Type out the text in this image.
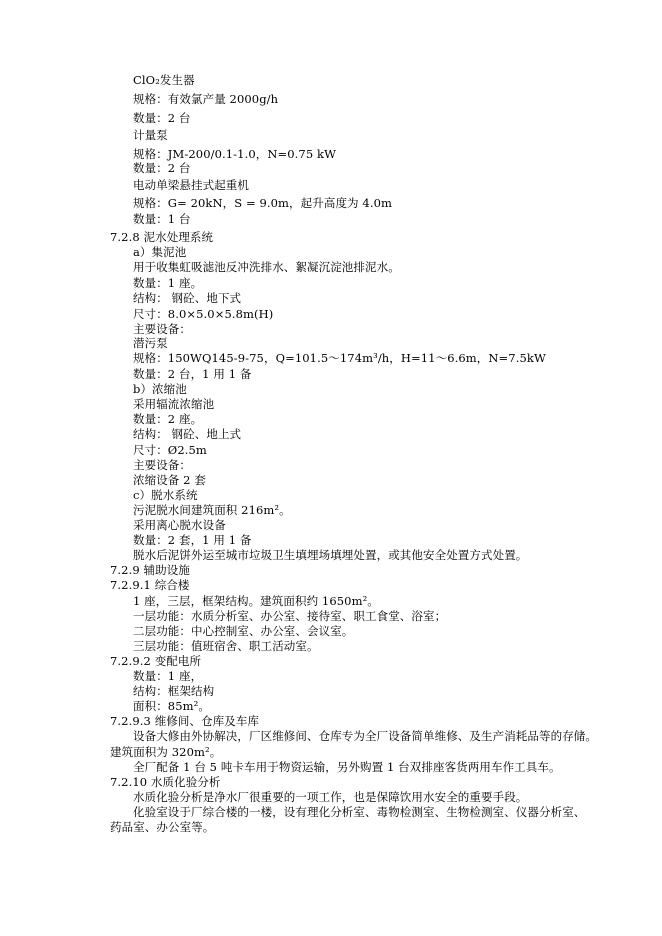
ClO₂发生器
规格：有效氯产量 2000g/h
数量：2 台
计量泵
规格：JM-200/0.1-1.0，N=0.75 kW
数量：2 台
电动单梁悬挂式起重机
规格：G= 20kN，S = 9.0m，起升高度为 4.0m
数量：1 台
7.2.8 泥水处理系统
a）集泥池
用于收集虹吸滤池反冲洗排水、絮凝沉淀池排泥水。
数量：1 座。
结构： 钢砼、地下式
尺寸：8.0×5.0×5.8m(H)
主要设备：
潜污泵
规格：150WQ145-9-75，Q=101.5～174m³/h，H=11～6.6m，N=7.5kW
数量：2 台，1 用 1 备
b）浓缩池
采用辐流浓缩池
数量：2 座。
结构： 钢砼、地上式
尺寸：Ø2.5m
主要设备：
浓缩设备 2 套
c）脱水系统
污泥脱水间建筑面积 216m²。
采用离心脱水设备
数量：2 套，1 用 1 备
脱水后泥饼外运至城市垃圾卫生填埋场填埋处置，或其他安全处置方式处置。
7.2.9 辅助设施
7.2.9.1 综合楼
1 座，三层，框架结构。建筑面积约 1650m²。
一层功能：水质分析室、办公室、接待室、职工食堂、浴室；
二层功能：中心控制室、办公室、会议室。
三层功能：值班宿舍、职工活动室。
7.2.9.2 变配电所
数量：1 座，
结构：框架结构
面积：85m²。
7.2.9.3 维修间、仓库及车库
设备大修由外协解决，厂区维修间、仓库专为全厂设备简单维修、及生产消耗品等的存储。
建筑面积为 320m²。
全厂配备 1 台 5 吨卡车用于物资运输，另外购置 1 台双排座客货两用车作工具车。
7.2.10 水质化验分析
水质化验分析是净水厂很重要的一项工作，也是保障饮用水安全的重要手段。
化验室设于厂综合楼的一楼，设有理化分析室、毒物检测室、生物检测室、仪器分析室、
药品室、办公室等。
